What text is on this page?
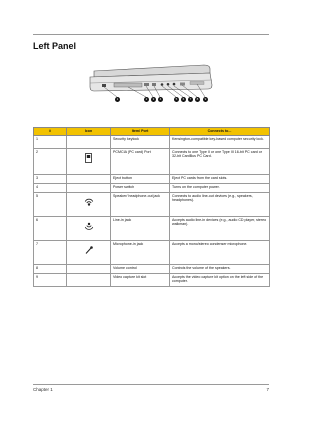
Left Panel
1	2	3	4	5	6	7	8	9
#	Icon	Item/ Port	Connects to...
1		Security keylock	Kensington-compatible key-based computer security lock.
2		PCMCIA (PC card) Port	Connects to one Type II or one Type III 16-bit PC card or 32-bit CardBus PC Card.
3		Eject button	Eject PC cards from the card slots.
4		Power switch	Turns on the computer power.
5		Speaker/ headphone-out jack	Connects to audio line-out devices (e.g., speakers, headphones).
6		Line-in jack	Accepts audio line-in devices (e.g., audio CD player, stereo walkman).
7		Microphone-in jack	Accepts a mono/stereo condenser microphone.
8		Volume control	Controls the volume of the speakers.
9		Video capture kit slot	Accepts the video capture kit option on the left side of the computer.
Chapter 1	7
